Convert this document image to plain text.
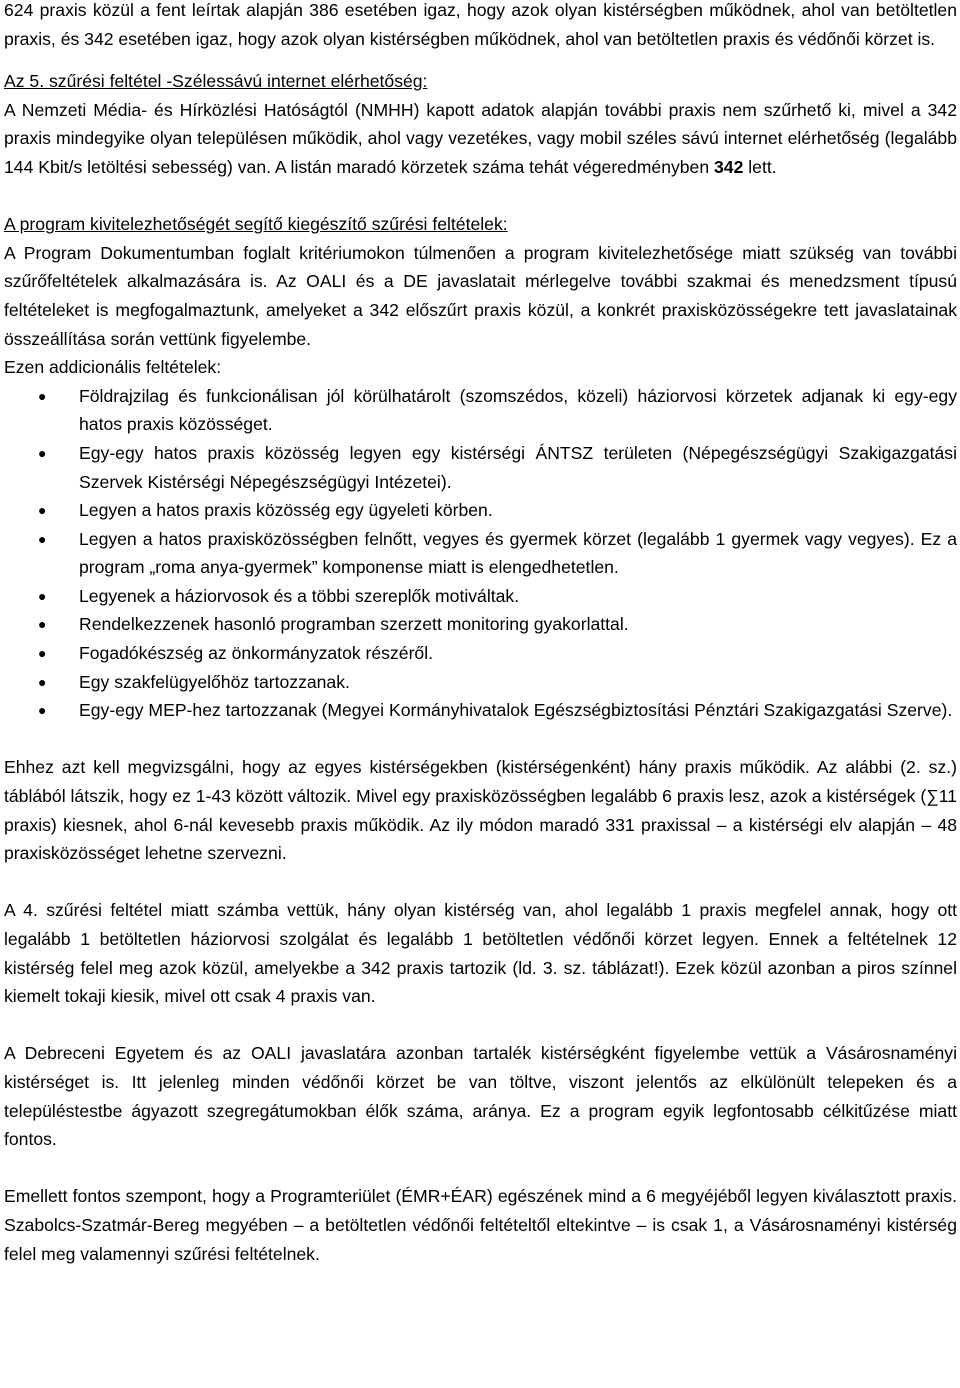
624 praxis közül a fent leírtak alapján 386 esetében igaz, hogy azok olyan kistérségben működnek, ahol van betöltetlen praxis, és 342 esetében igaz, hogy azok olyan kistérségben működnek, ahol van betöltetlen praxis és védőnői körzet is.

Az 5. szűrési feltétel -Szélessávú internet elérhetőség:

A Nemzeti Média- és Hírközlési Hatóságtól (NMHH) kapott adatok alapján további praxis nem szűrhető ki, mivel a 342 praxis mindegyike olyan településen működik, ahol vagy vezetékes, vagy mobil széles sávú internet elérhetőség (legalább 144 Kbit/s letöltési sebesség) van. A listán maradó körzetek száma tehát végeredményben 342 lett.

A program kivitelezhetőségét segítő kiegészítő szűrési feltételek:

A Program Dokumentumban foglalt kritériumokon túlmenően a program kivitelezhetősége miatt szükség van további szűrőfeltételek alkalmazására is. Az OALI és a DE javaslatait mérlegelve további szakmai és menedzsment típusú feltételeket is megfogalmaztunk, amelyeket a 342 előszűrt praxis közül, a konkrét praxisközösségekre tett javaslatainak összeállítása során vettünk figyelembe.

Ezen addicionális feltételek:

● Földrajzilag és funkcionálisan jól körülhatárolt (szomszédos, közeli) háziorvosi körzetek adjanak ki egy-egy hatos praxis közösséget.
● Egy-egy hatos praxis közösség legyen egy kistérségi ÁNTSZ területen (Népegészségügyi Szakigazgatási Szervek Kistérségi Népegészségügyi Intézetei).
● Legyen a hatos praxis közösség egy ügyeleti körben.
● Legyen a hatos praxisközösségben felnőtt, vegyes és gyermek körzet (legalább 1 gyermek vagy vegyes). Ez a program „roma anya-gyermek” komponense miatt is elengedhetetlen.
● Legyenek a háziorvosok és a többi szereplők motiváltak.
● Rendelkezzenek hasonló programban szerzett monitoring gyakorlattal.
● Fogadókészség az önkormányzatok részéről.
● Egy szakfelügyelőhöz tartozzanak.
● Egy-egy MEP-hez tartozzanak (Megyei Kormányhivatalok Egészségbiztosítási Pénztári Szakigazgatási Szerve).

Ehhez azt kell megvizsgálni, hogy az egyes kistérségekben (kistérségenként) hány praxis működik. Az alábbi (2. sz.) táblából látszik, hogy ez 1-43 között változik. Mivel egy praxisközösségben legalább 6 praxis lesz, azok a kistérségek (∑11 praxis) kiesnek, ahol 6-nál kevesebb praxis működik. Az ily módon maradó 331 praxissal – a kistérségi elv alapján – 48 praxisközösséget lehetne szervezni.

A 4. szűrési feltétel miatt számba vettük, hány olyan kistérség van, ahol legalább 1 praxis megfelel annak, hogy ott legalább 1 betöltetlen háziorvosi szolgálat és legalább 1 betöltetlen védőnői körzet legyen. Ennek a feltételnek 12 kistérség felel meg azok közül, amelyekbe a 342 praxis tartozik (ld. 3. sz. táblázat!). Ezek közül azonban a piros színnel kiemelt tokaji kiesik, mivel ott csak 4 praxis van.

A Debreceni Egyetem és az OALI javaslatára azonban tartalék kistérségként figyelembe vettük a Vásárosnaményi kistérséget is. Itt jelenleg minden védőnői körzet be van töltve, viszont jelentős az elkülönült telepeken és a településtestbe ágyazott szegregátumokban élők száma, aránya. Ez a program egyik legfontosabb célkitűzése miatt fontos.

Emellett fontos szempont, hogy a Programteriület (ÉMR+ÉAR) egészének mind a 6 megyéjéből legyen kiválasztott praxis. Szabolcs-Szatmár-Bereg megyében – a betöltetlen védőnői feltételtől eltekintve – is csak 1, a Vásárosnaményi kistérség felel meg valamennyi szűrési feltételnek.
